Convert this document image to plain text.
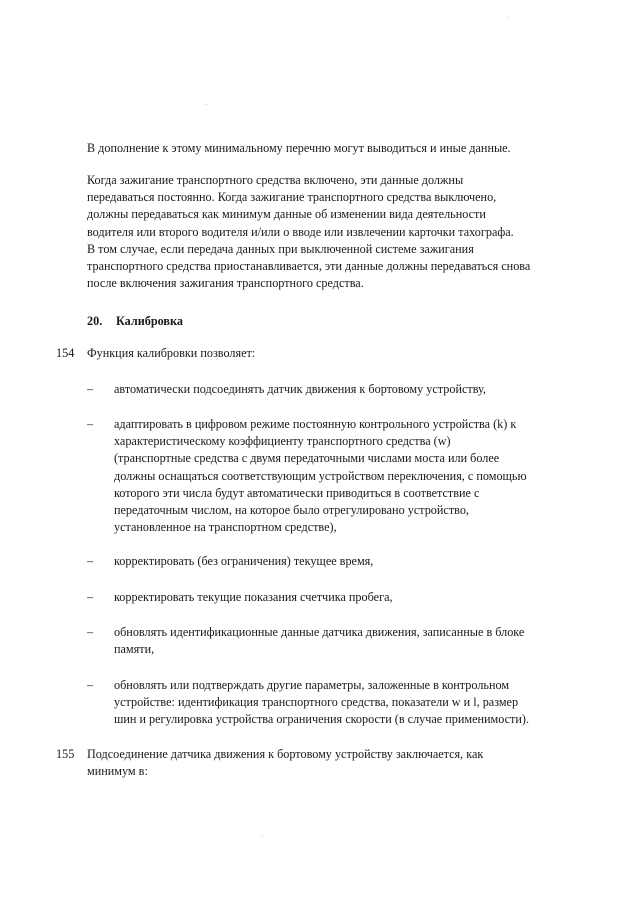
В дополнение к этому минимальному перечню могут выводиться и иные данные.

Когда зажигание транспортного средства включено, эти данные должны
передаваться постоянно. Когда зажигание транспортного средства выключено,
должны передаваться как минимум данные об изменении вида деятельности
водителя или второго водителя и/или о вводе или извлечении карточки тахографа.
В том случае, если передача данных при выключенной системе зажигания
транспортного средства приостанавливается, эти данные должны передаваться снова
после включения зажигания транспортного средства.
20. Калибровка
154 Функция калибровки позволяет:
– автоматически подсоединять датчик движения к бортовому устройству,
– адаптировать в цифровом режиме постоянную контрольного устройства (k) к
характеристическому коэффициенту транспортного средства (w)
(транспортные средства с двумя передаточными числами моста или более
должны оснащаться соответствующим устройством переключения, с помощью
которого эти числа будут автоматически приводиться в соответствие с
передаточным числом, на которое было отрегулировано устройство,
установленное на транспортном средстве),
– корректировать (без ограничения) текущее время,
– корректировать текущие показания счетчика пробега,
– обновлять идентификационные данные датчика движения, записанные в блоке
памяти,
– обновлять или подтверждать другие параметры, заложенные в контрольном
устройстве: идентификация транспортного средства, показатели w и l, размер
шин и регулировка устройства ограничения скорости (в случае применимости).
155 Подсоединение датчика движения к бортовому устройству заключается, как
минимум в:
